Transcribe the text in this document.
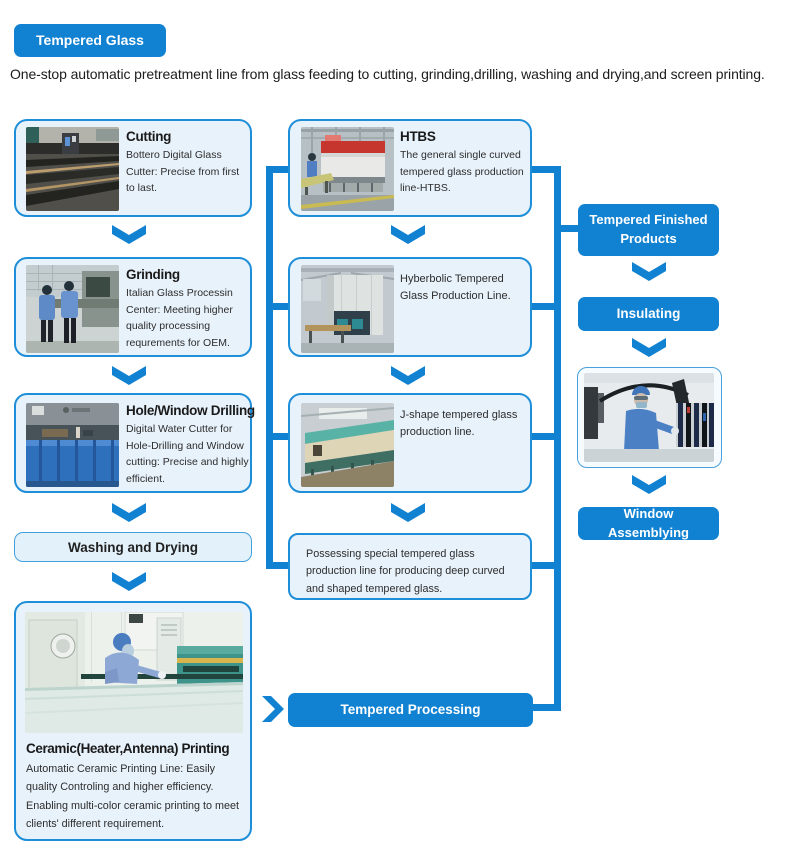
Tempered Glass
One-stop automatic pretreatment line from glass feeding to cutting, grinding,drilling, washing and drying,and screen printing.
Cutting
Bottero Digital Glass Cutter: Precise from first to last.
Grinding
Italian Glass Processin Center: Meeting higher quality processing requrements for OEM.
Hole/Window Drilling
Digital Water Cutter for Hole-Drilling and Window cutting: Precise and highly efficient.
Washing and Drying
Ceramic(Heater,Antenna) Printing
Automatic Ceramic Printing Line: Easily quality Controling and higher efficiency.
Enabling multi-color ceramic printing to meet clients' different requirement.
HTBS
The general single curved tempered glass production line-HTBS.
Hyberbolic Tempered Glass Production Line.
J-shape tempered glass production line.
Possessing special tempered glass production line for producing deep curved and shaped tempered glass.
Tempered Processing
Tempered Finished Products
Insulating
Window Assemblying
